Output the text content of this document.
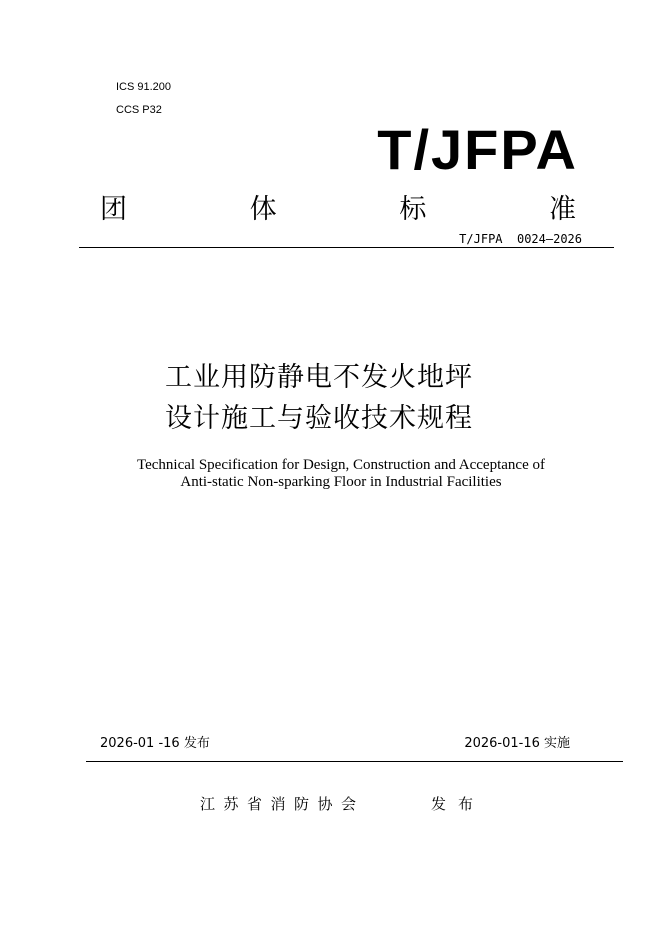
ICS 91.200
CCS P32
T/JFPA
团	体	标	准
T/JFPA  0024—2026
工业用防静电不发火地坪
设计施工与验收技术规程
Technical Specification for Design, Construction and Acceptance of
Anti-static Non-sparking Floor in Industrial Facilities
2026-01 -16 发布	2026-01-16 实施
江苏省消防协会	发布
